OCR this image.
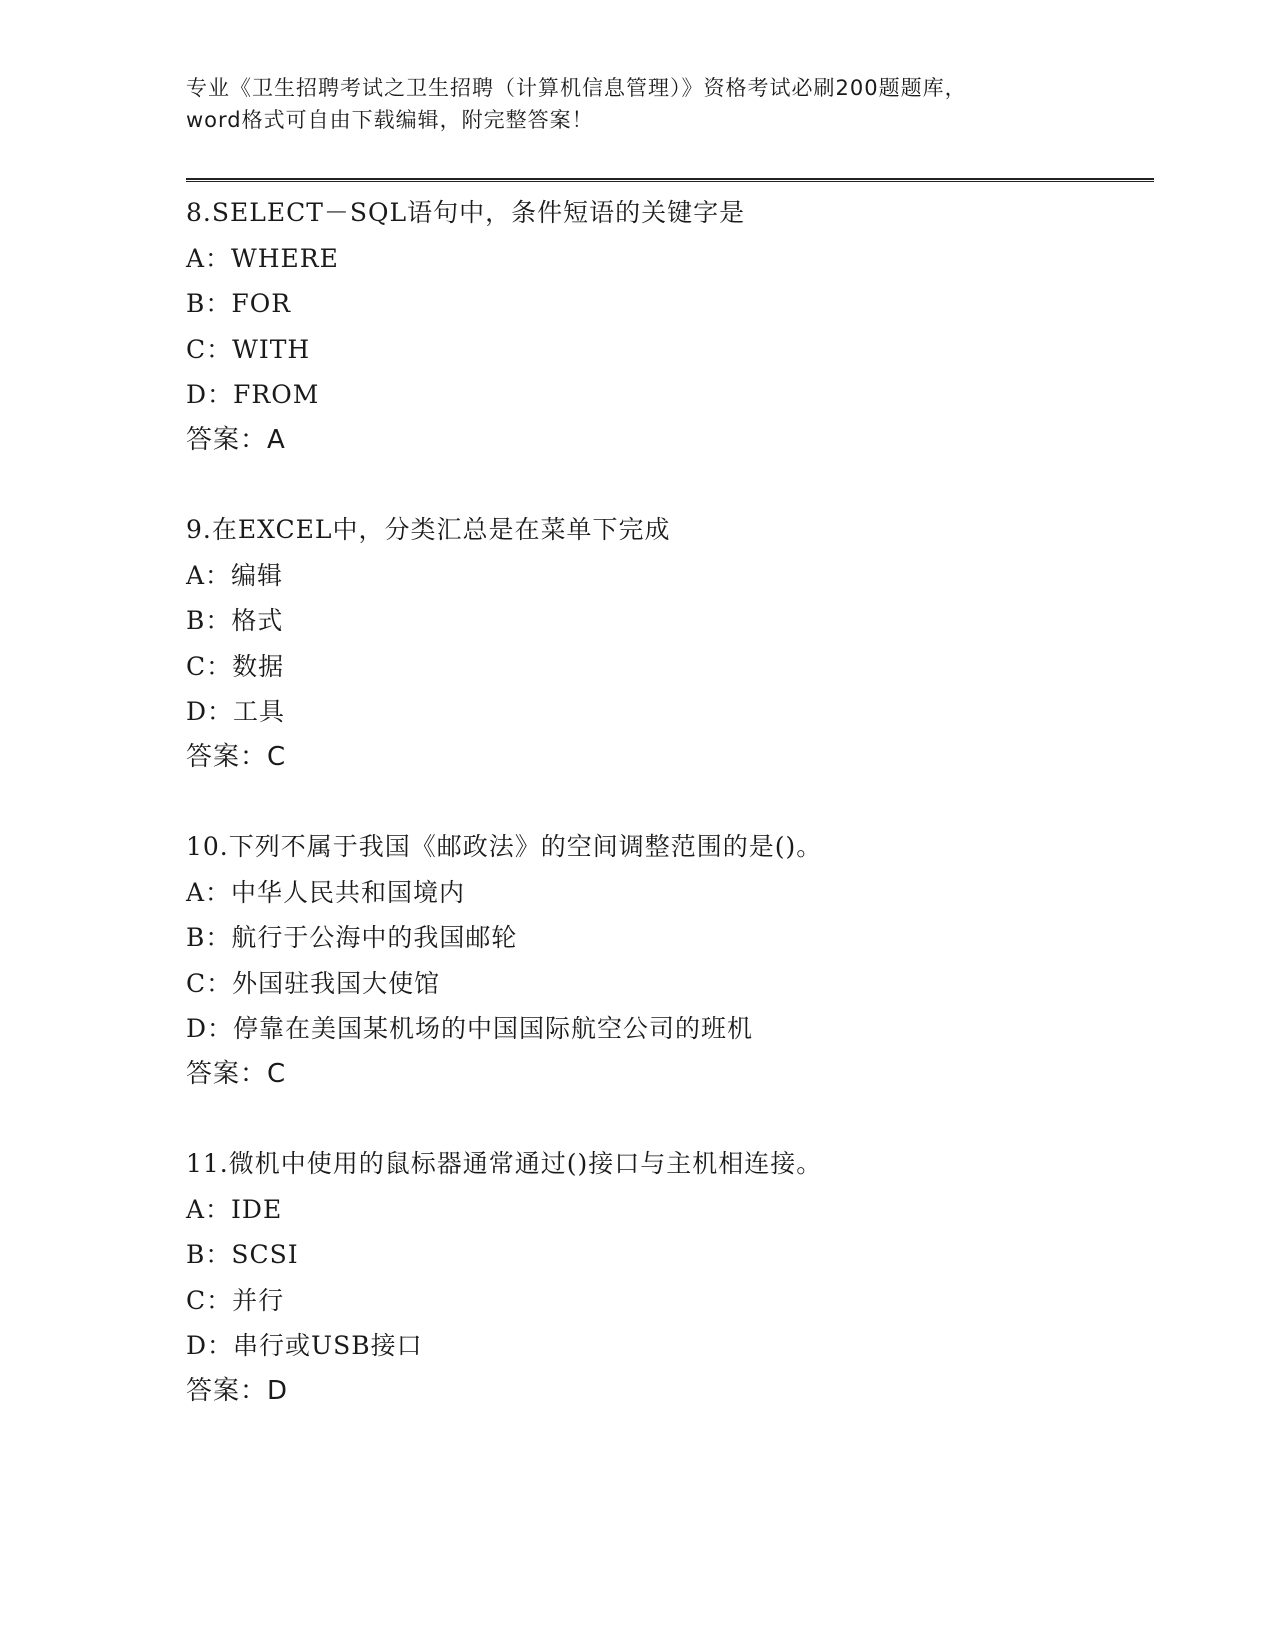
专业《卫生招聘考试之卫生招聘（计算机信息管理）》资格考试必刷200题题库，
word格式可自由下载编辑，附完整答案！
8.SELECT－SQL语句中，条件短语的关键字是
A：WHERE
B：FOR
C：WITH
D：FROM
答案：A
9.在EXCEL中，分类汇总是在菜单下完成
A：编辑
B：格式
C：数据
D：工具
答案：C
10.下列不属于我国《邮政法》的空间调整范围的是()。
A：中华人民共和国境内
B：航行于公海中的我国邮轮
C：外国驻我国大使馆
D：停靠在美国某机场的中国国际航空公司的班机
答案：C
11.微机中使用的鼠标器通常通过()接口与主机相连接。
A：IDE
B：SCSI
C：并行
D：串行或USB接口
答案：D
